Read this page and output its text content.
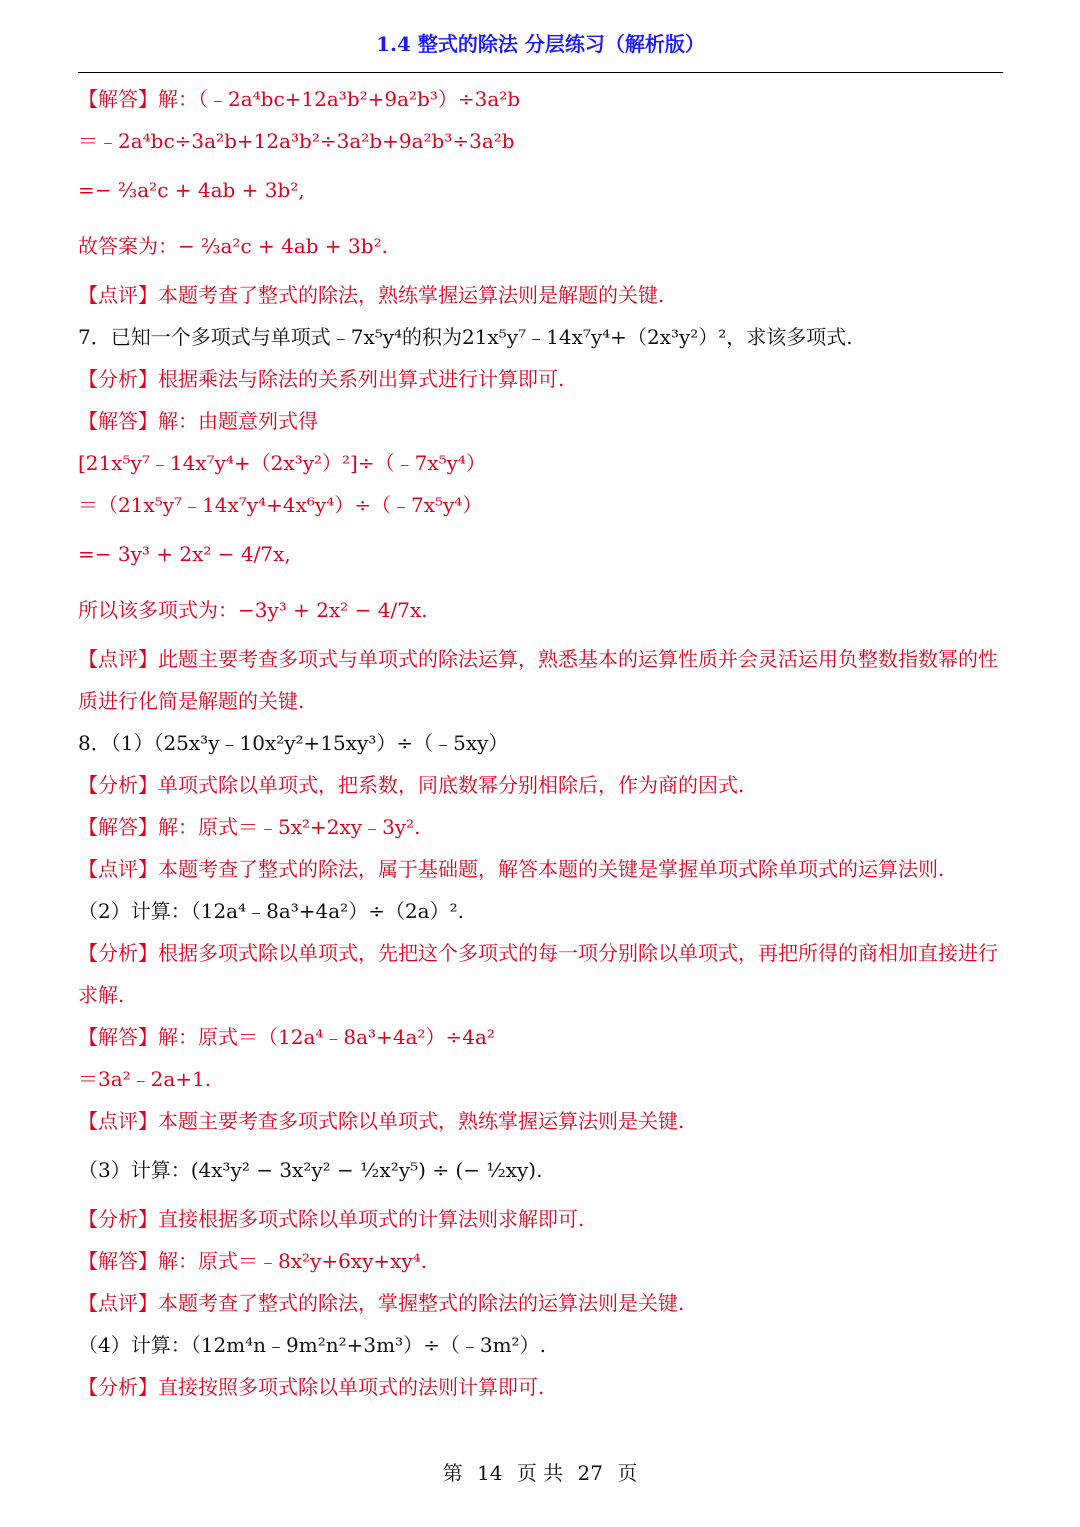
1.4 整式的除法 分层练习（解析版）
【解答】解：（﹣2a⁴bc+12a³b²+9a²b³）÷3a²b
＝﹣2a⁴bc÷3a²b+12a³b²÷3a²b+9a²b³÷3a²b
=− ⅔a²c + 4ab + 3b²,
故答案为：− ⅔a²c + 4ab + 3b².
【点评】本题考查了整式的除法，熟练掌握运算法则是解题的关键.
7．已知一个多项式与单项式﹣7x⁵y⁴的积为21x⁵y⁷﹣14x⁷y⁴+（2x³y²）²，求该多项式.
【分析】根据乘法与除法的关系列出算式进行计算即可.
【解答】解：由题意列式得
[21x⁵y⁷﹣14x⁷y⁴+（2x³y²）²]÷（﹣7x⁵y⁴）
＝（21x⁵y⁷﹣14x⁷y⁴+4x⁶y⁴）÷（﹣7x⁵y⁴）
=− 3y³ + 2x² − 4/7x,
所以该多项式为：−3y³ + 2x² − 4/7x.
【点评】此题主要考查多项式与单项式的除法运算，熟悉基本的运算性质并会灵活运用负整数指数幂的性质进行化简是解题的关键.
8．（1）（25x³y﹣10x²y²+15xy³）÷（﹣5xy）
【分析】单项式除以单项式，把系数，同底数幂分别相除后，作为商的因式.
【解答】解：原式＝﹣5x²+2xy﹣3y².
【点评】本题考查了整式的除法，属于基础题，解答本题的关键是掌握单项式除单项式的运算法则.
（2）计算：（12a⁴﹣8a³+4a²）÷（2a）².
【分析】根据多项式除以单项式，先把这个多项式的每一项分别除以单项式，再把所得的商相加直接进行求解.
【解答】解：原式＝（12a⁴﹣8a³+4a²）÷4a²
＝3a²﹣2a+1.
【点评】本题主要考查多项式除以单项式，熟练掌握运算法则是关键.
（3）计算：(4x³y² − 3x²y² − ½x²y⁵) ÷ (− ½xy).
【分析】直接根据多项式除以单项式的计算法则求解即可.
【解答】解：原式＝﹣8x²y+6xy+xy⁴.
【点评】本题考查了整式的除法，掌握整式的除法的运算法则是关键.
（4）计算：（12m⁴n﹣9m²n²+3m³）÷（﹣3m²）.
【分析】直接按照多项式除以单项式的法则计算即可.
第 14 页 共 27 页
